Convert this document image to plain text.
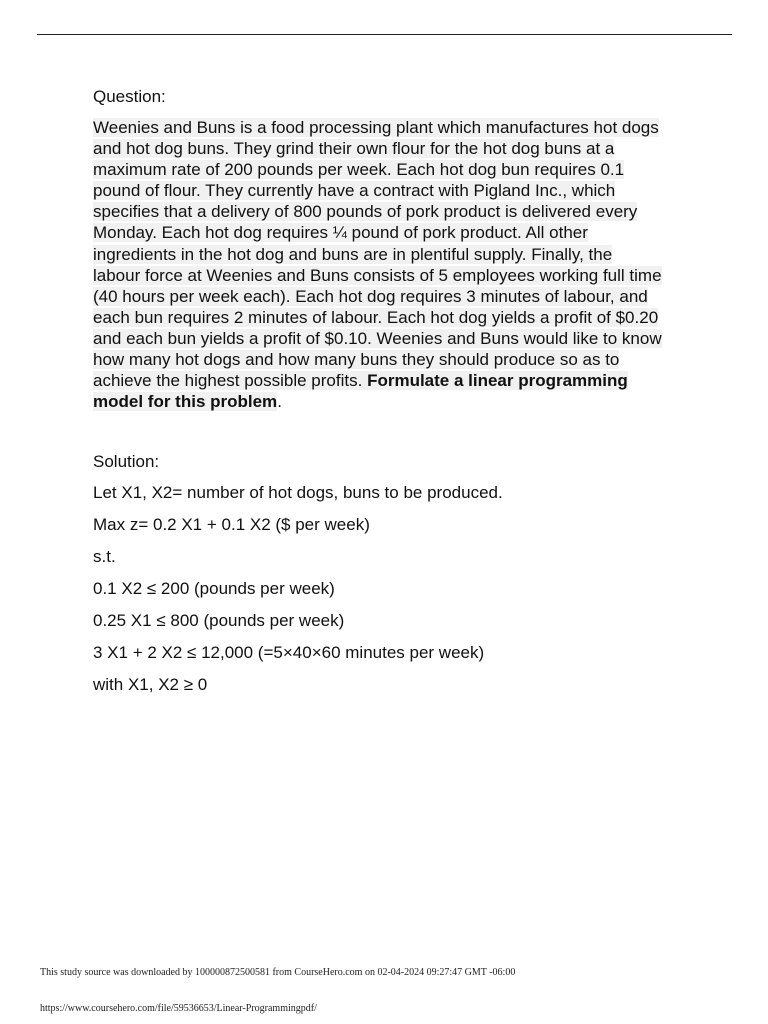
Question:

Weenies and Buns is a food processing plant which manufactures hot dogs and hot dog buns. They grind their own flour for the hot dog buns at a maximum rate of 200 pounds per week. Each hot dog bun requires 0.1 pound of flour. They currently have a contract with Pigland Inc., which specifies that a delivery of 800 pounds of pork product is delivered every Monday. Each hot dog requires ¼ pound of pork product. All other ingredients in the hot dog and buns are in plentiful supply. Finally, the labour force at Weenies and Buns consists of 5 employees working full time (40 hours per week each). Each hot dog requires 3 minutes of labour, and each bun requires 2 minutes of labour. Each hot dog yields a profit of $0.20 and each bun yields a profit of $0.10. Weenies and Buns would like to know how many hot dogs and how many buns they should produce so as to achieve the highest possible profits. Formulate a linear programming model for this problem.

Solution:

Let X1, X2= number of hot dogs, buns to be produced.

Max z= 0.2 X1 + 0.1 X2 ($ per week)

s.t.

0.1 X2 ≤ 200 (pounds per week)

0.25 X1 ≤ 800 (pounds per week)

3 X1 + 2 X2 ≤ 12,000 (=5×40×60 minutes per week)

with X1, X2 ≥ 0

This study source was downloaded by 100000872500581 from CourseHero.com on 02-04-2024 09:27:47 GMT -06:00
https://www.coursehero.com/file/59536653/Linear-Programmingpdf/
